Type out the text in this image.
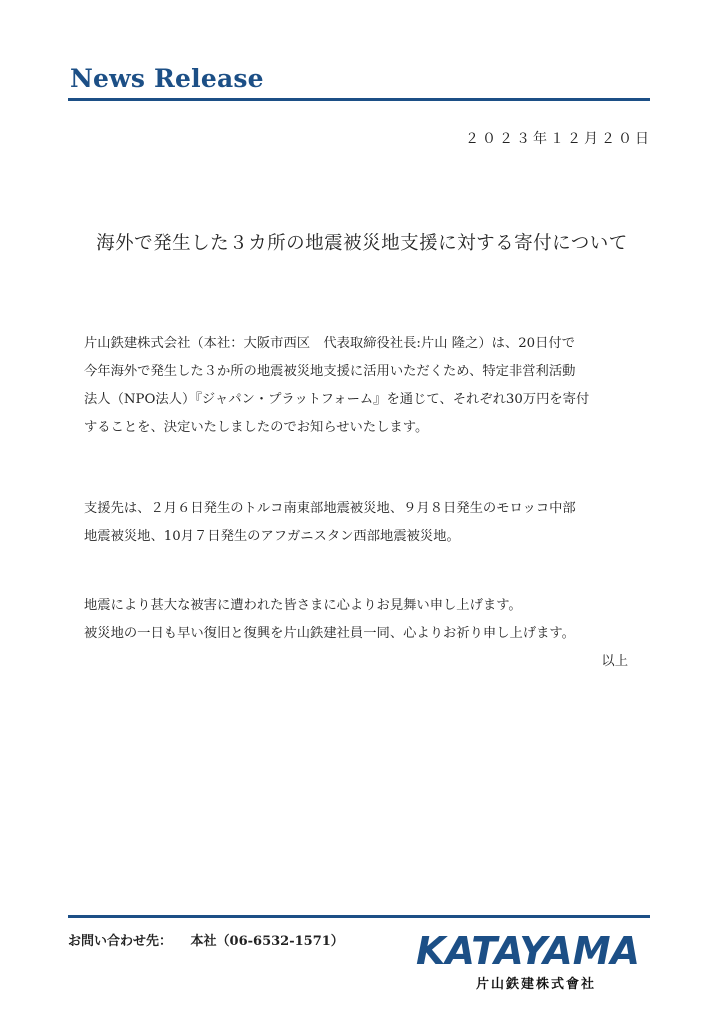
News Release
２０２３年１２月２０日
海外で発生した３カ所の地震被災地支援に対する寄付について
片山鉄建株式会社（本社：大阪市西区　代表取締役社長:片山 隆之）は、20日付で
今年海外で発生した３か所の地震被災地支援に活用いただくため、特定非営利活動
法人（NPO法人）『ジャパン・プラットフォーム』を通じて、それぞれ30万円を寄付
することを、決定いたしましたのでお知らせいたします。
支援先は、２月６日発生のトルコ南東部地震被災地、９月８日発生のモロッコ中部
地震被災地、10月７日発生のアフガニスタン西部地震被災地。
地震により甚大な被害に遭われた皆さまに心よりお見舞い申し上げます。
被災地の一日も早い復旧と復興を片山鉄建社員一同、心よりお祈り申し上げます。
以上
お問い合わせ先： 本社（06-6532-1571） KATAYAMA
片山鉄建株式會社
